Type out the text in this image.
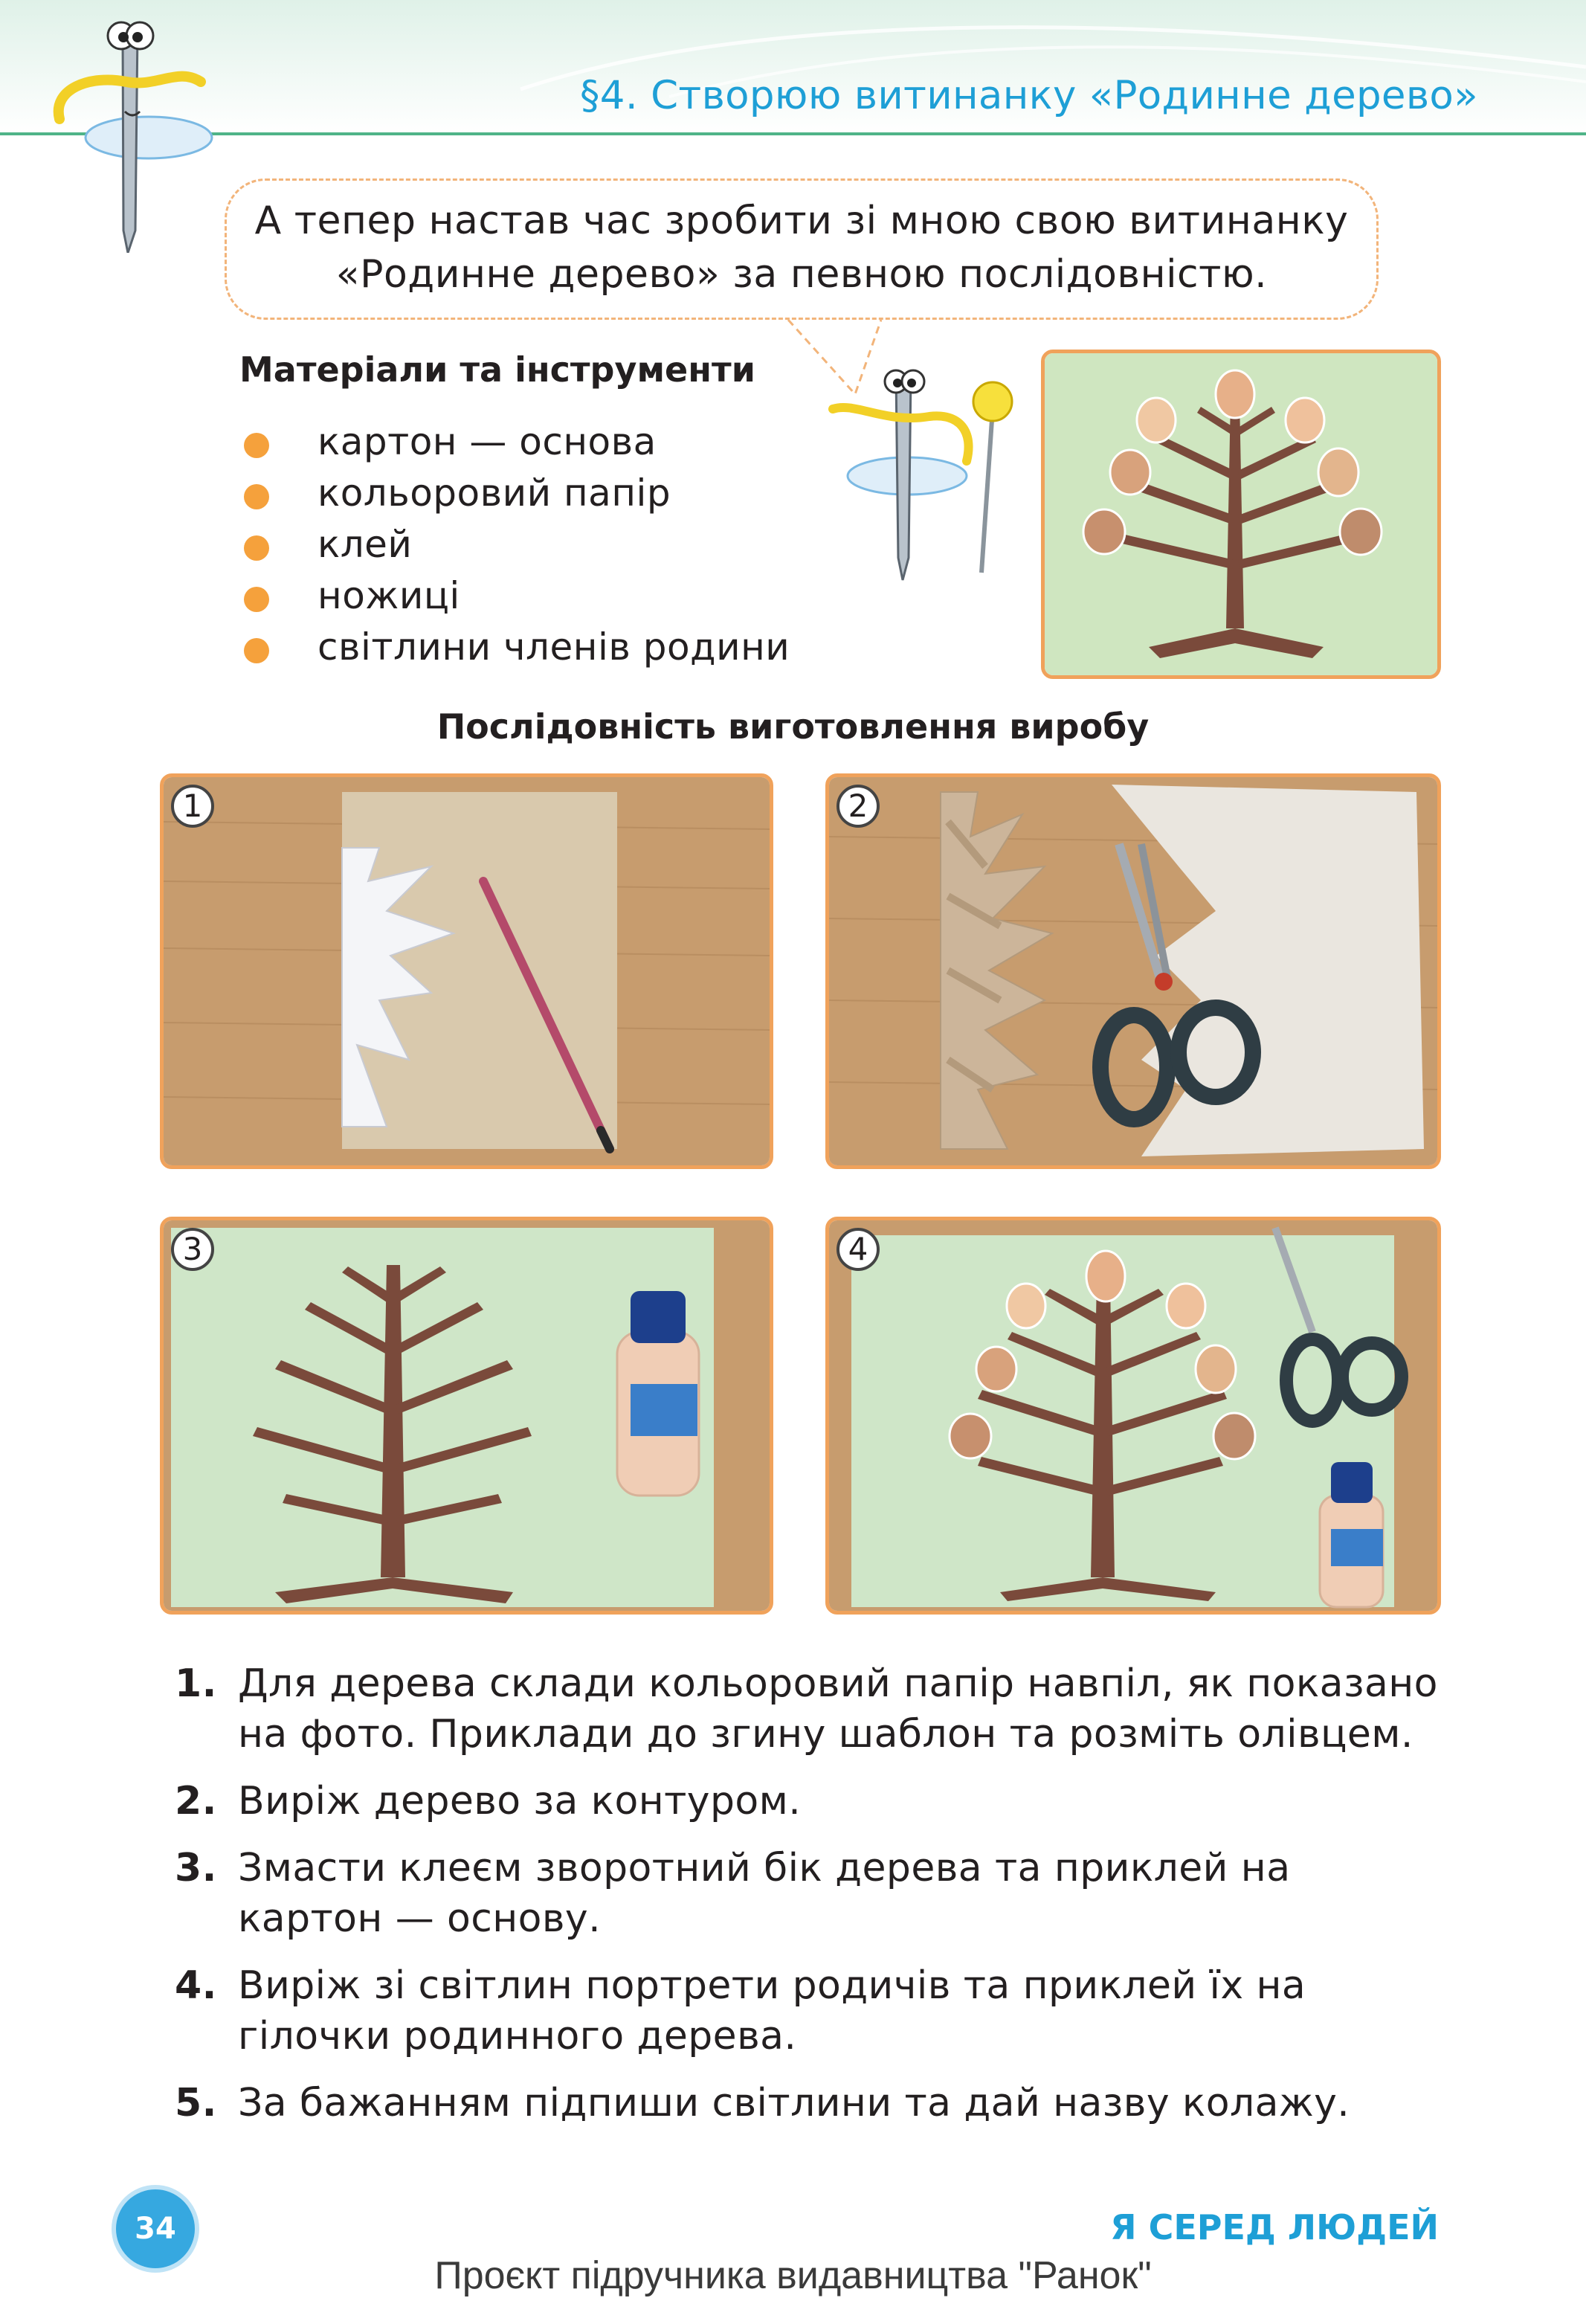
§4. Створюю витинанку «Родинне дерево»
А тепер настав час зробити зі мною свою витинанку
«Родинне дерево» за певною послідовністю.
Матеріали та інструменти
картон — основа
кольоровий папір
клей
ножиці
світлини членів родини
Послідовність виготовлення виробу
1	2
3	4
1. Для дерева склади кольоровий папір навпіл, як показано на фото. Приклади до згину шаблон та розміть олівцем.
2. Виріж дерево за контуром.
3. Змасти клеєм зворотний бік дерева та приклей на картон — основу.
4. Виріж зі світлин портрети родичів та приклей їх на гілочки родинного дерева.
5. За бажанням підпиши світлини та дай назву колажу.
34	Я СЕРЕД ЛЮДЕЙ
Проєкт підручника видавництва "Ранок"
